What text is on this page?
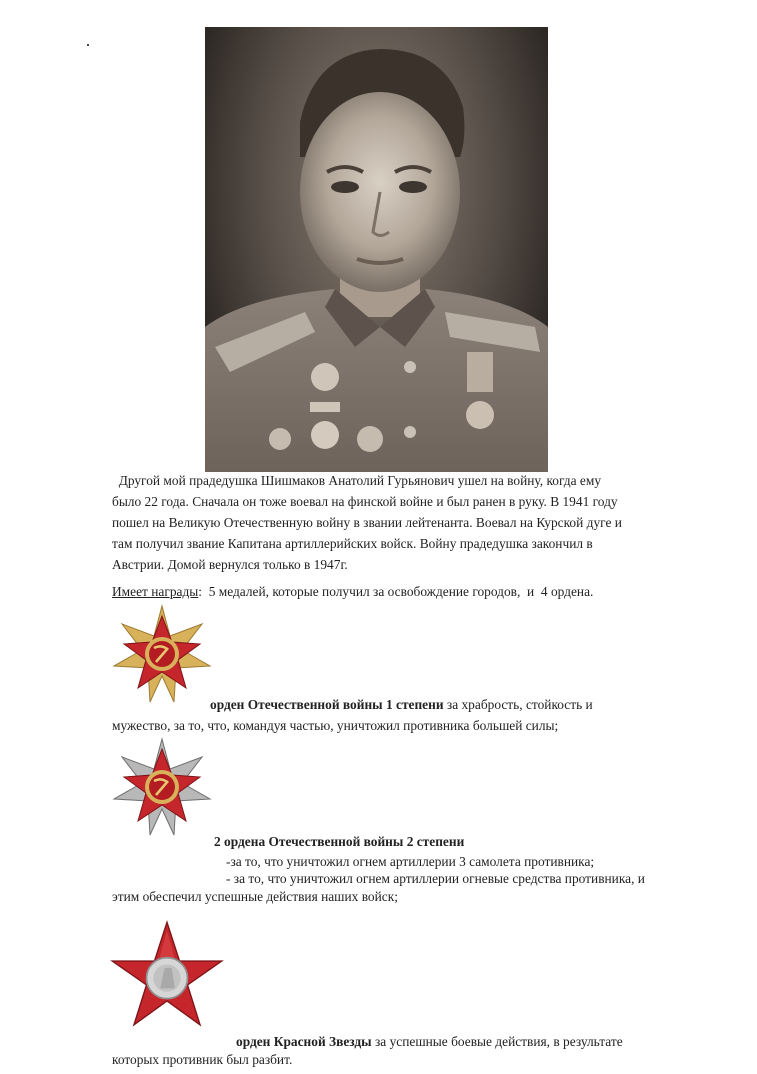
Другой мой прадедушка Шишмаков Анатолий Гурьянович ушел на войну, когда ему
было 22 года. Сначала он тоже воевал на финской войне и был ранен в руку. В 1941 году
пошел на Великую Отечественную войну в звании лейтенанта. Воевал на Курской дуге и
там получил звание Капитана артиллерийских войск. Войну прадедушка закончил в
Австрии. Домой вернулся только в 1947г.
Имеет награды:  5 медалей, которые получил за освобождение городов,  и  4 ордена.
орден Отечественной войны 1 степени за храбрость, стойкость и
мужество, за то, что, командуя частью, уничтожил противника большей силы;
2 ордена Отечественной войны 2 степени
-за то, что уничтожил огнем артиллерии 3 самолета противника;
- за то, что уничтожил огнем артиллерии огневые средства противника, и
этим обеспечил успешные действия наших войск;
орден Красной Звезды за успешные боевые действия, в результате
которых противник был разбит.
